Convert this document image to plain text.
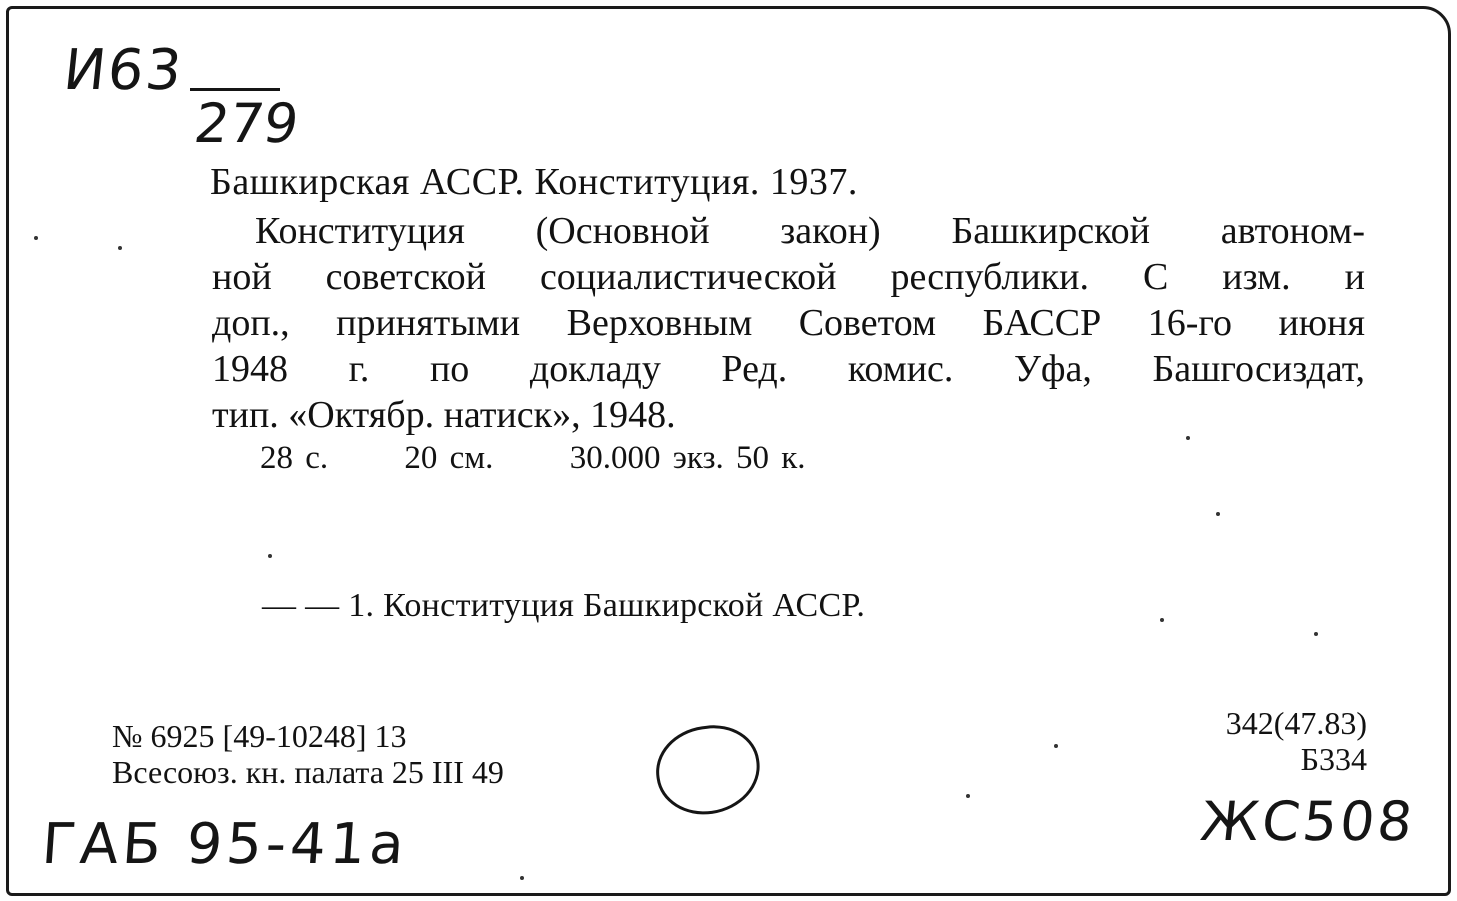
И63
279
Башкирская АССР. Конституция. 1937.
Конституция (Основной закон) Башкирской автоном-
ной советской социалистической республики. С изм. и
доп., принятыми Верховным Советом БАССР 16-го июня
1948 г. по докладу Ред. комис. Уфа, Башгосиздат,
тип. «Октябр. натиск», 1948.
28 с. 20 см. 30.000 экз. 50 к.
— — 1. Конституция Башкирской АССР.
№ 6925 [49-10248] 13
Всесоюз. кн. палата 25 III 49
342(47.83)
Б334
ГАБ 95-41а	ЖС508
